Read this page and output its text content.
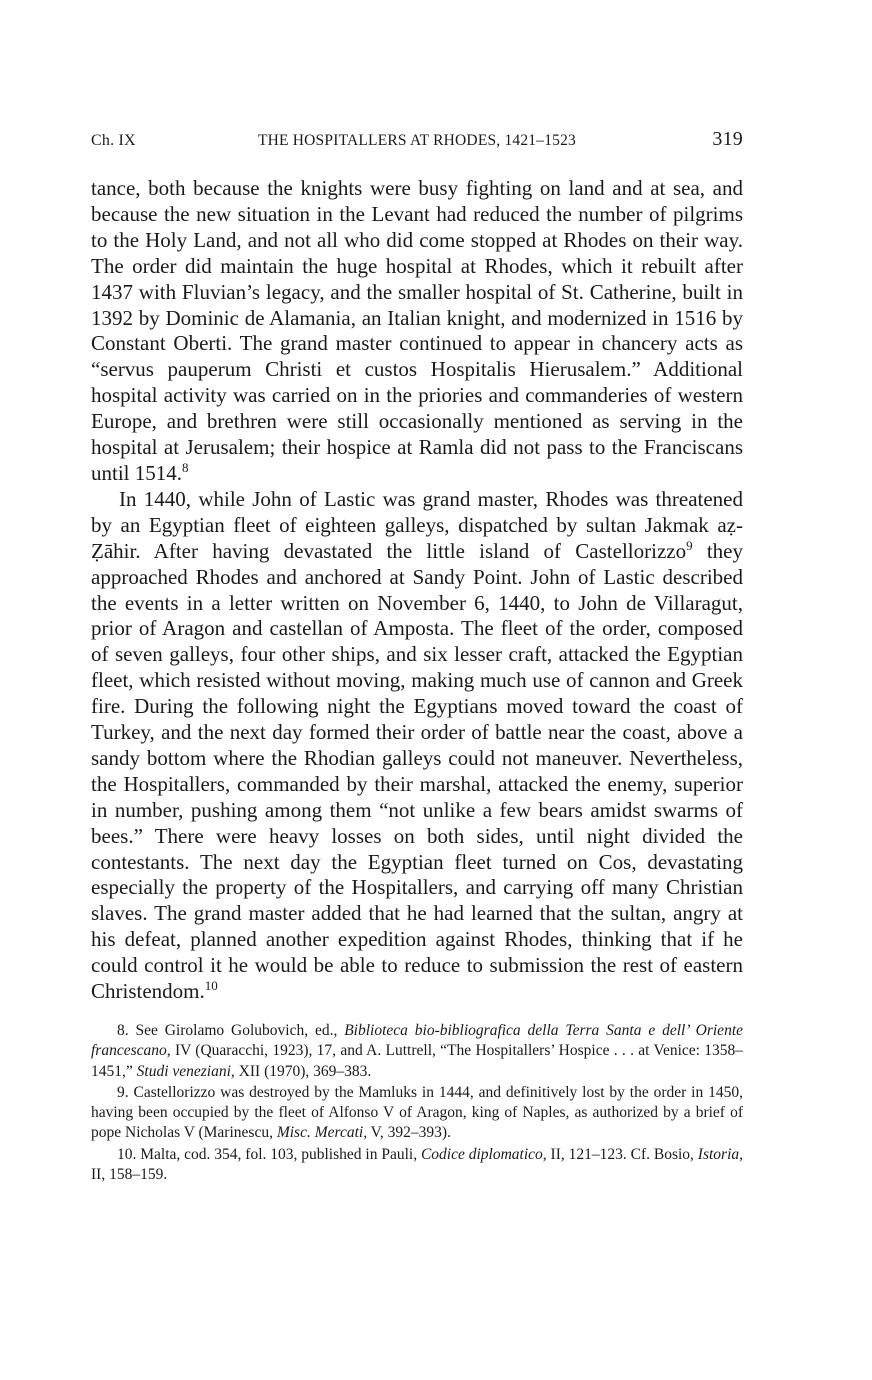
Ch. IX	THE HOSPITALLERS AT RHODES, 1421–1523	319

tance, both because the knights were busy fighting on land and at sea, and because the new situation in the Levant had reduced the number of pilgrims to the Holy Land, and not all who did come stopped at Rhodes on their way. The order did maintain the huge hospital at Rhodes, which it rebuilt after 1437 with Fluvian’s legacy, and the smaller hospital of St. Catherine, built in 1392 by Dominic de Alamania, an Italian knight, and modernized in 1516 by Constant Oberti. The grand master continued to appear in chancery acts as “servus pauperum Christi et custos Hospitalis Hierusalem.” Additional hospital activity was carried on in the priories and commanderies of western Europe, and brethren were still occasionally mentioned as serving in the hospital at Jerusalem; their hospice at Ramla did not pass to the Franciscans until 1514.$^8$

In 1440, while John of Lastic was grand master, Rhodes was threatened by an Egyptian fleet of eighteen galleys, dispatched by sultan Jakmak aẓ-Ẓāhir. After having devastated the little island of Castellorizzo$^9$ they approached Rhodes and anchored at Sandy Point. John of Lastic described the events in a letter written on November 6, 1440, to John de Villaragut, prior of Aragon and castellan of Amposta. The fleet of the order, composed of seven galleys, four other ships, and six lesser craft, attacked the Egyptian fleet, which resisted without moving, making much use of cannon and Greek fire. During the following night the Egyptians moved toward the coast of Turkey, and the next day formed their order of battle near the coast, above a sandy bottom where the Rhodian galleys could not maneuver. Nevertheless, the Hospitallers, commanded by their marshal, attacked the enemy, superior in number, pushing among them “not unlike a few bears amidst swarms of bees.” There were heavy losses on both sides, until night divided the contestants. The next day the Egyptian fleet turned on Cos, devastating especially the property of the Hospitallers, and carrying off many Christian slaves. The grand master added that he had learned that the sultan, angry at his defeat, planned another expedition against Rhodes, thinking that if he could control it he would be able to reduce to submission the rest of eastern Christendom.$^{10}$

8. See Girolamo Golubovich, ed., Biblioteca bio-bibliografica della Terra Santa e dell’ Oriente francescano, IV (Quaracchi, 1923), 17, and A. Luttrell, “The Hospitallers’ Hospice . . . at Venice: 1358–1451,” Studi veneziani, XII (1970), 369–383.

9. Castellorizzo was destroyed by the Mamluks in 1444, and definitively lost by the order in 1450, having been occupied by the fleet of Alfonso V of Aragon, king of Naples, as authorized by a brief of pope Nicholas V (Marinescu, Misc. Mercati, V, 392–393).

10. Malta, cod. 354, fol. 103, published in Pauli, Codice diplomatico, II, 121–123. Cf. Bosio, Istoria, II, 158–159.
